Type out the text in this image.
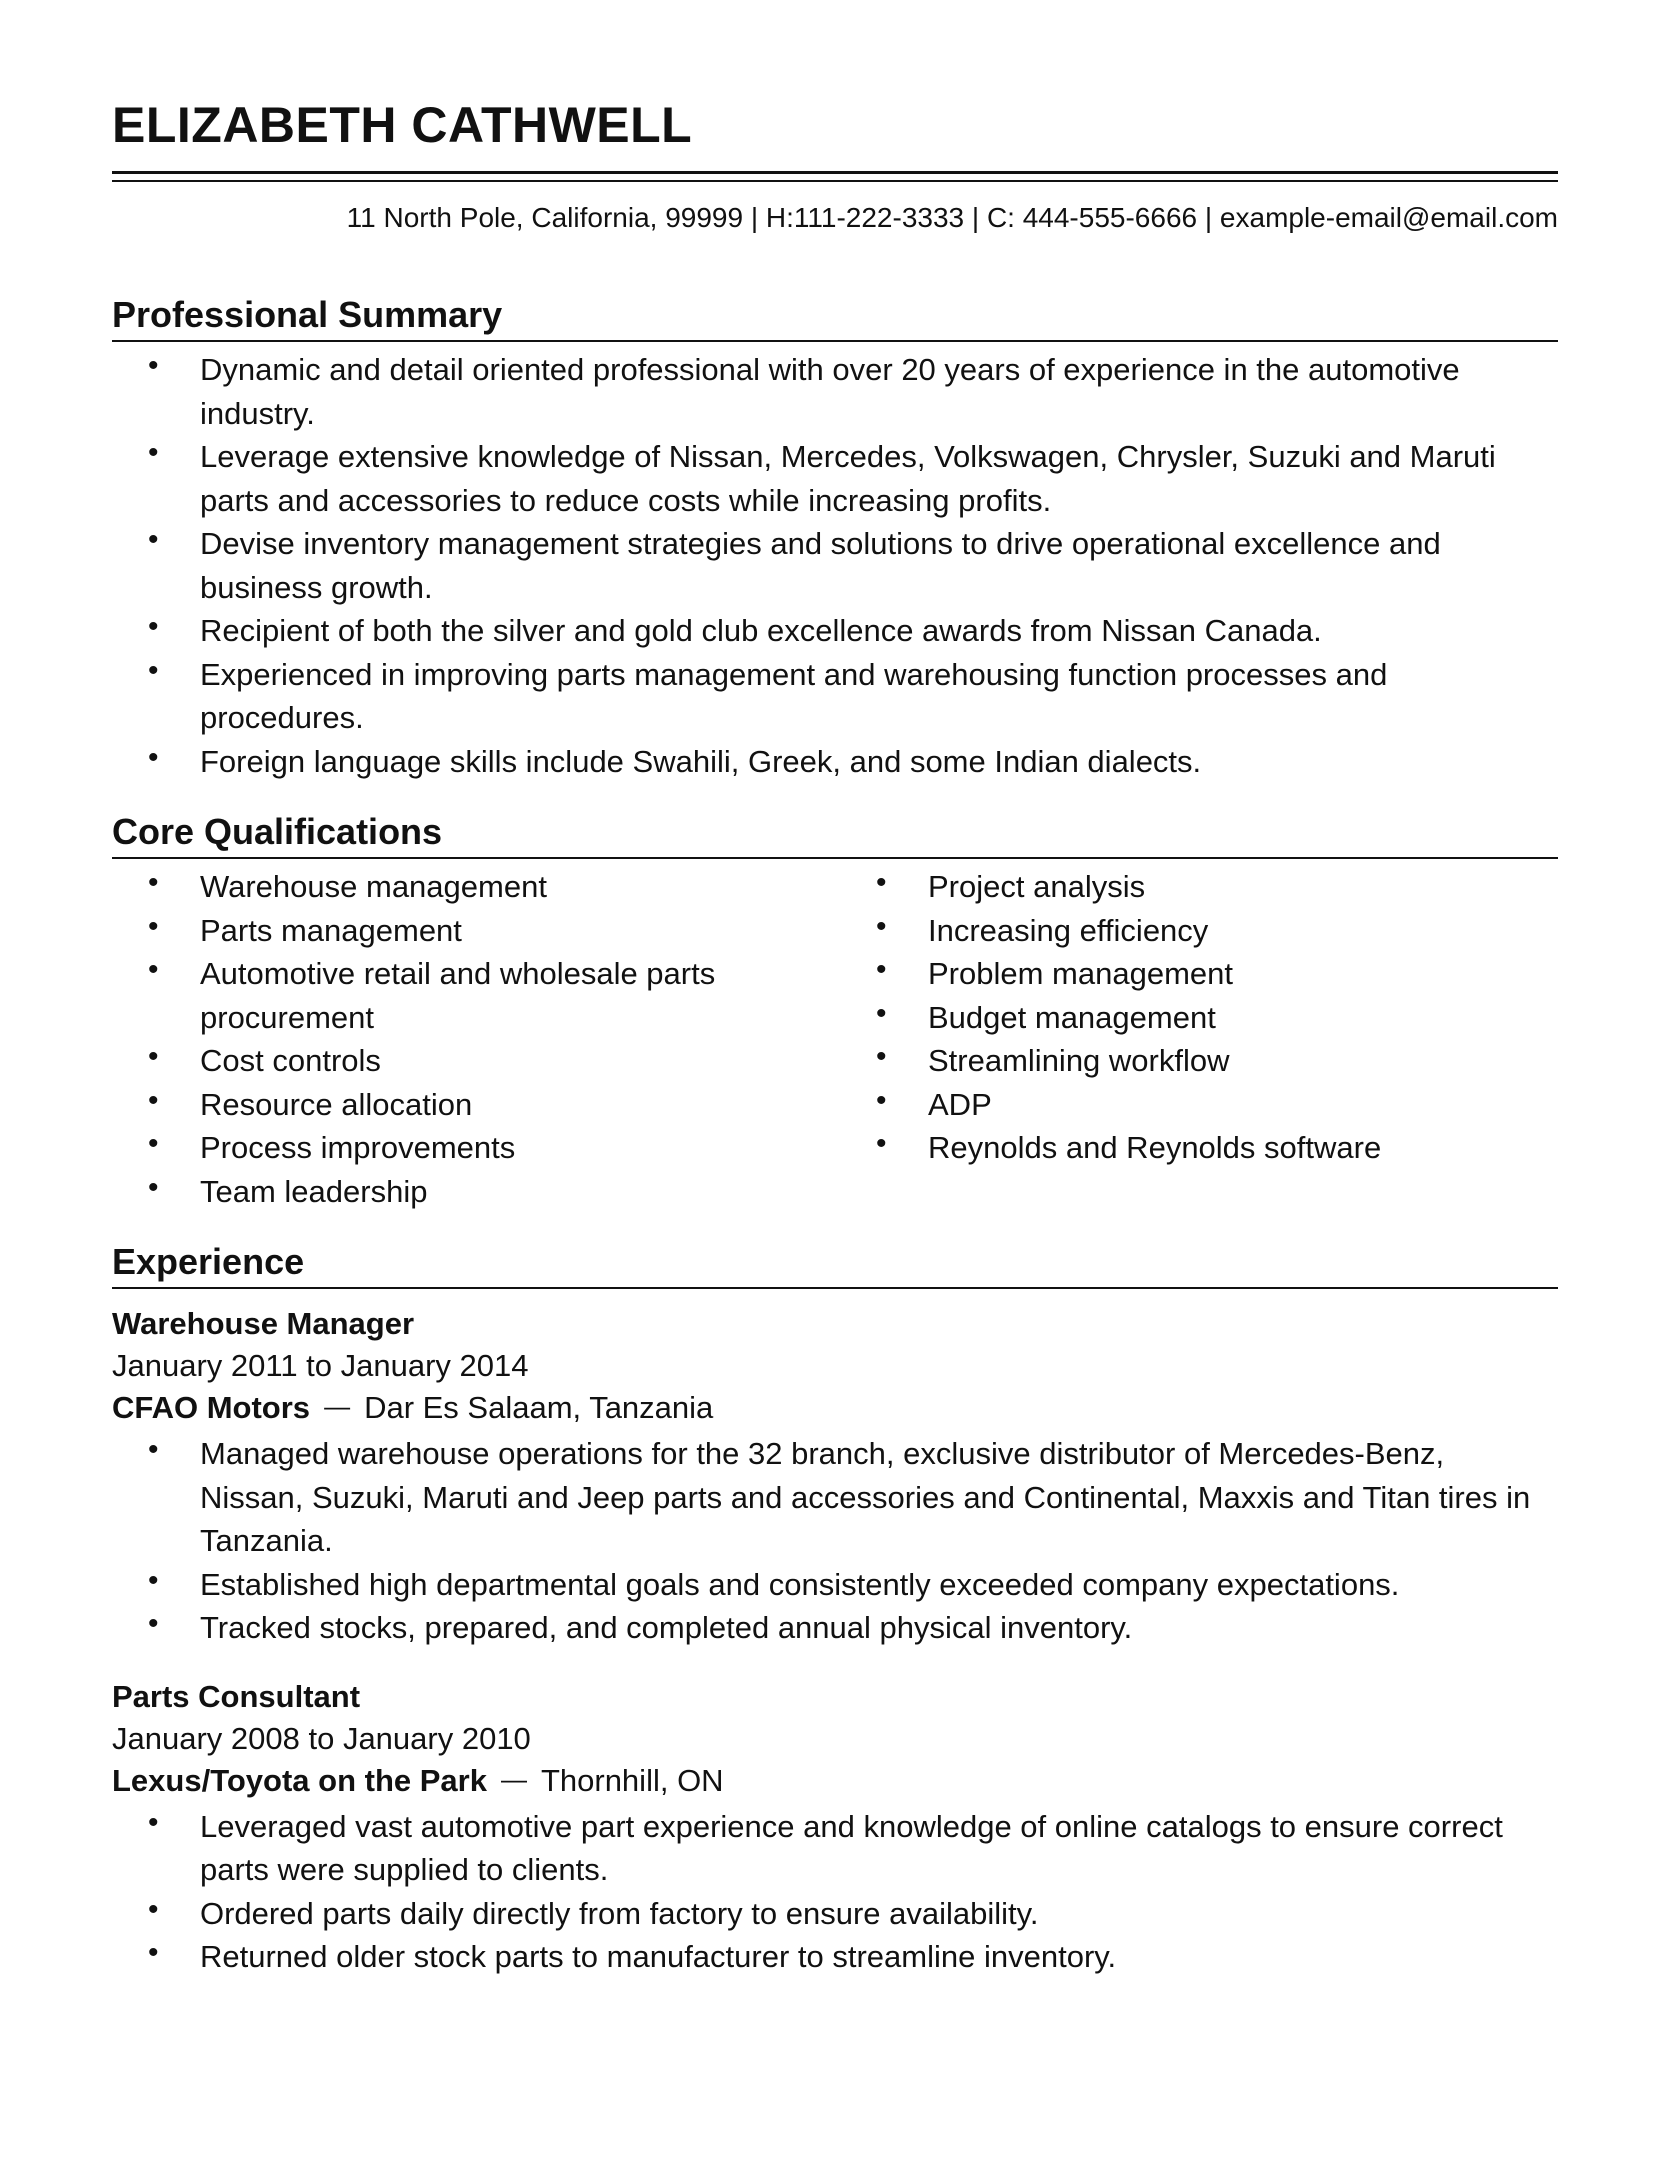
ELIZABETH CATHWELL
11 North Pole, California, 99999 | H:111-222-3333 | C: 444-555-6666 | example-email@email.com
Professional Summary
• Dynamic and detail oriented professional with over 20 years of experience in the automotive industry.
• Leverage extensive knowledge of Nissan, Mercedes, Volkswagen, Chrysler, Suzuki and Maruti parts and accessories to reduce costs while increasing profits.
• Devise inventory management strategies and solutions to drive operational excellence and business growth.
• Recipient of both the silver and gold club excellence awards from Nissan Canada.
• Experienced in improving parts management and warehousing function processes and procedures.
• Foreign language skills include Swahili, Greek, and some Indian dialects.
Core Qualifications
• Warehouse management
• Parts management
• Automotive retail and wholesale parts procurement
• Cost controls
• Resource allocation
• Process improvements
• Team leadership
• Project analysis
• Increasing efficiency
• Problem management
• Budget management
• Streamlining workflow
• ADP
• Reynolds and Reynolds software
Experience
Warehouse Manager
January 2011 to January 2014
CFAO Motors — Dar Es Salaam, Tanzania
• Managed warehouse operations for the 32 branch, exclusive distributor of Mercedes-Benz, Nissan, Suzuki, Maruti and Jeep parts and accessories and Continental, Maxxis and Titan tires in Tanzania.
• Established high departmental goals and consistently exceeded company expectations.
• Tracked stocks, prepared, and completed annual physical inventory.
Parts Consultant
January 2008 to January 2010
Lexus/Toyota on the Park — Thornhill, ON
• Leveraged vast automotive part experience and knowledge of online catalogs to ensure correct parts were supplied to clients.
• Ordered parts daily directly from factory to ensure availability.
• Returned older stock parts to manufacturer to streamline inventory.
